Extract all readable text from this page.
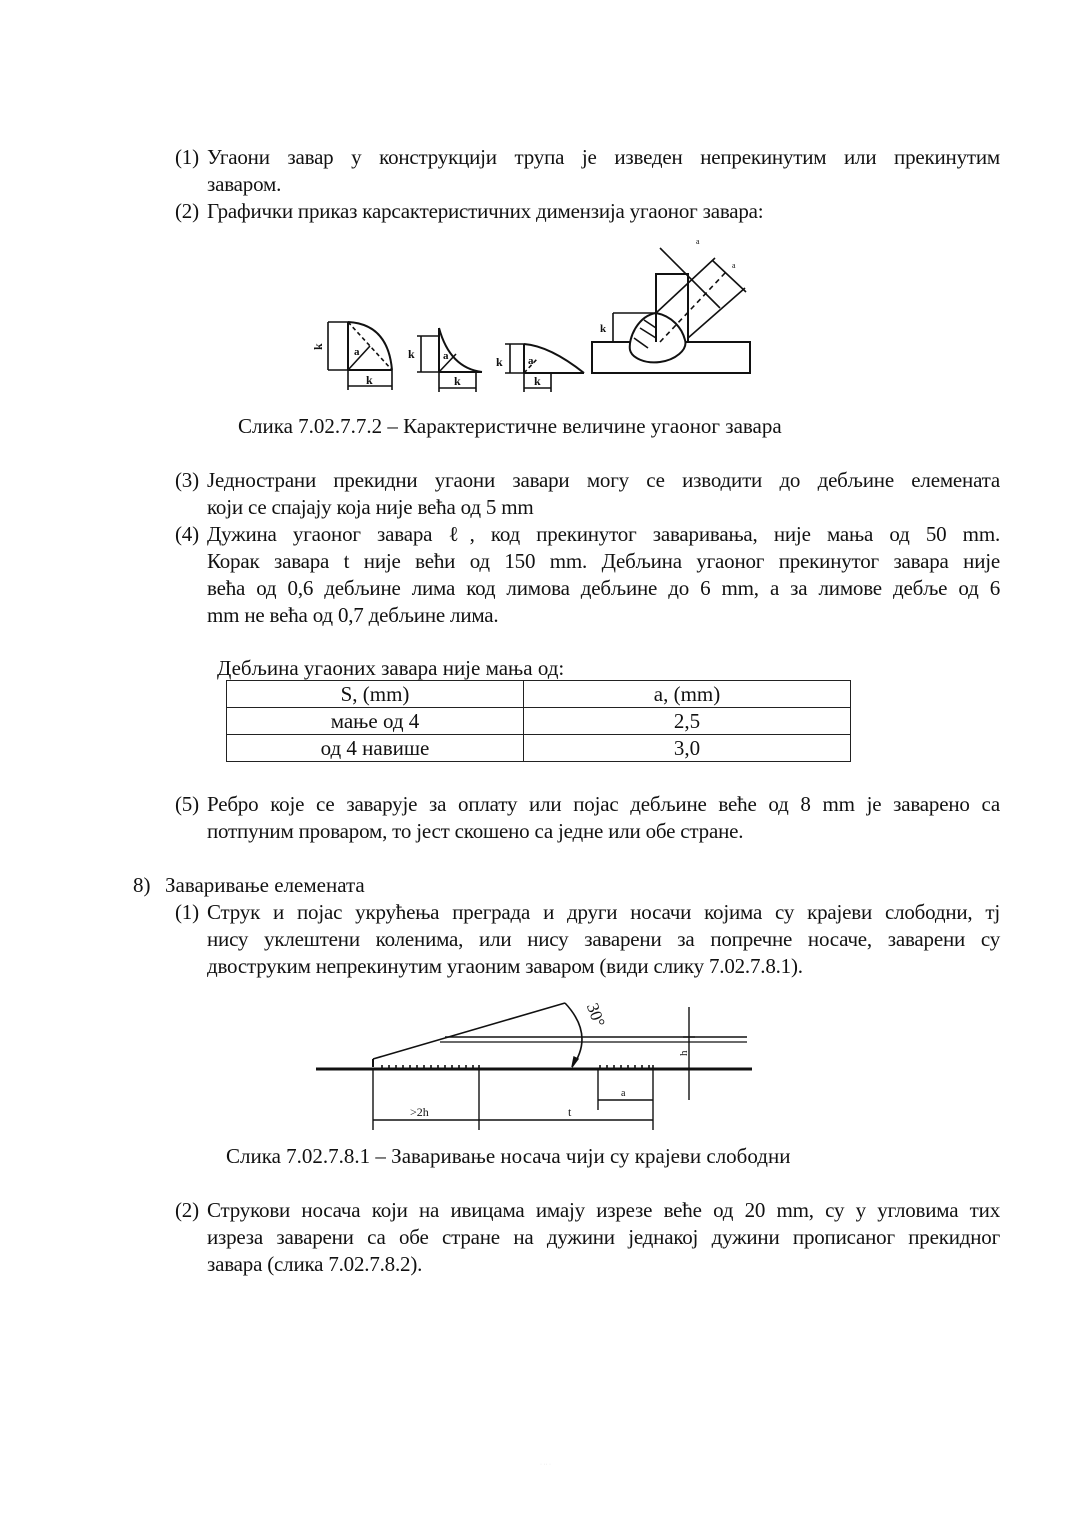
(1) Угаони завар у конструкцији трупа је изведен непрекинутим или прекинутим
заваром.
(2) Графички приказ карсактеристичних димензија угаоног завара:
k	a
k
a
k
k	a
k
k
k
a
a
Слика 7.02.7.7.2 – Карактеристичне величине угаоног завара
(3) Једнострани прекидни угаони завари могу се изводити до дебљине елемената
који се спајају која није већа од 5 mm
(4) Дужина угаоног завара ℓ, код прекинутог заваривања, није мања од 50 mm.
Корак завара t није већи од 150 mm. Дебљина угаоног прекинутог завара није
већа од 0,6 дебљине лима код лимова дебљине до 6 mm, а за лимове дебље од 6
mm не већа од 0,7 дебљине лима.
Дебљина угаоних завара није мања од:
S, (mm)	a, (mm)
мање од 4	2,5
од 4 навише	3,0
(5) Ребро које се заварује за оплату или појас дебљине веће од 8 mm је заварено са
потпуним проваром, то јест скошено са једне или обе стране.
8) Заваривање елемената
(1) Струк и појас укрућења преграда и други носачи којима су крајеви слободни, тј
нису уклештени коленима, или нису заварени за попречне носаче, заварени су
двоструким непрекинутим угаоним заваром (види слику 7.02.7.8.1).
30°
h
a
>2h	t
Слика 7.02.7.8.1 – Заваривање носача чији су крајеви слободни
(2) Струкови носача који на ивицама имају изрезе веће од 20 mm, су у угловима тих
изреза заварени са обе стране на дужини једнакој дужини прописаног прекидног
завара (слика 7.02.7.8.2).
· ·· ·
